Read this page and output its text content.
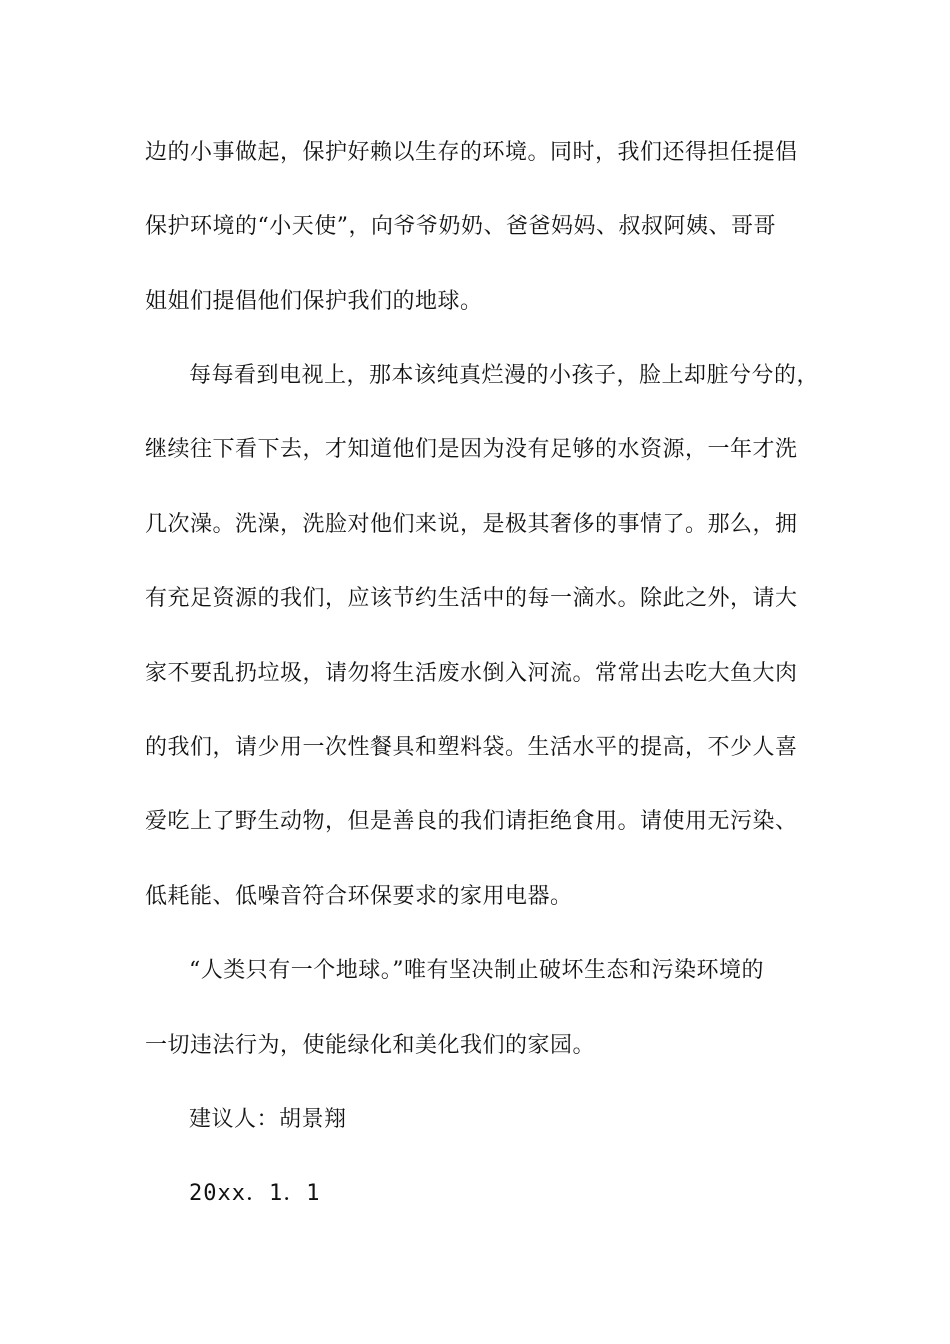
边的小事做起，保护好赖以生存的环境。同时，我们还得担任提倡
保护环境的“小天使”，向爷爷奶奶、爸爸妈妈、叔叔阿姨、哥哥
姐姐们提倡他们保护我们的地球。
每每看到电视上，那本该纯真烂漫的小孩子，脸上却脏兮兮的，
继续往下看下去，才知道他们是因为没有足够的水资源，一年才洗
几次澡。洗澡，洗脸对他们来说，是极其奢侈的事情了。那么，拥
有充足资源的我们，应该节约生活中的每一滴水。除此之外，请大
家不要乱扔垃圾，请勿将生活废水倒入河流。常常出去吃大鱼大肉
的我们，请少用一次性餐具和塑料袋。生活水平的提高，不少人喜
爱吃上了野生动物，但是善良的我们请拒绝食用。请使用无污染、
低耗能、低噪音符合环保要求的家用电器。
“人类只有一个地球。”唯有坚决制止破坏生态和污染环境的
一切违法行为，使能绿化和美化我们的家园。
建议人：胡景翔
20xx．1．1
